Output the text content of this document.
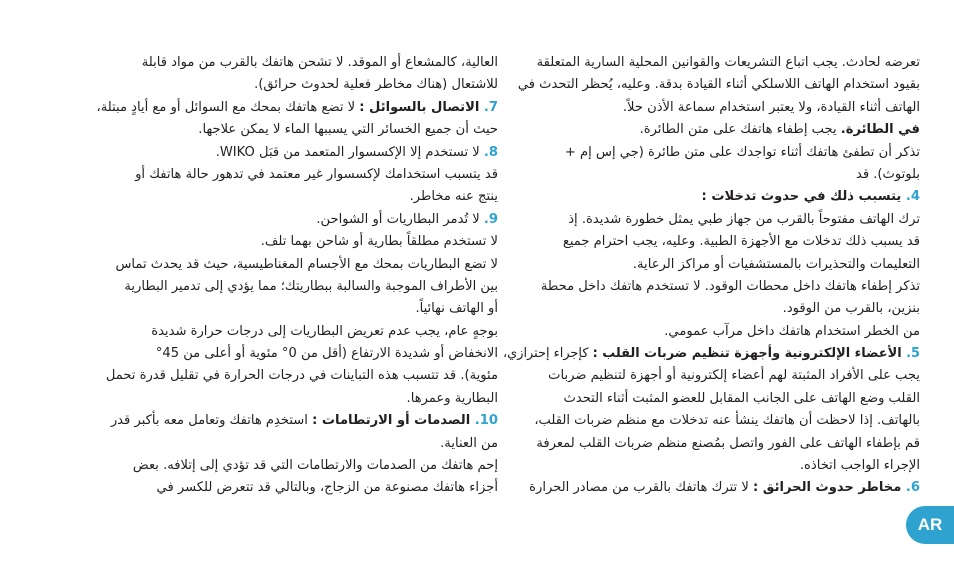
تعرضه لحادث. يجب اتباع التشريعات والقوانين المحلية السارية المتعلقة
بقيود استخدام الهاتف اللاسلكي أثناء القيادة بدقة. وعليه، يُحظر التحدث في
الهاتف أثناء القيادة، ولا يعتبر استخدام سماعة الأذن حلاً.
في الطائرة. يجب إطفاء هاتفك على متن الطائرة.
تذكر أن تطفئ هاتفك أثناء تواجدك على متن طائرة (جي إس إم +
بلوتوث). قد
4. يتسبب ذلك في حدوث تدخلات :
ترك الهاتف مفتوحاً بالقرب من جهاز طبي يمثل خطورة شديدة. إذ
قد يسبب ذلك تدخلات مع الأجهزة الطبية. وعليه، يجب احترام جميع
التعليمات والتحذيرات بالمستشفيات أو مراكز الرعاية.
تذكر إطفاء هاتفك داخل محطات الوقود. لا تستخدم هاتفك داخل محطة
بنزين، بالقرب من الوقود.
من الخطر استخدام هاتفك داخل مرآب عمومي.
5. الأعضاء الإلكترونية وأجهزة تنظيم ضربات القلب : كإجراء إحترازي،
يجب على الأفراد المثبتة لهم أعضاء إلكترونية أو أجهزة لتنظيم ضربات
القلب وضع الهاتف على الجانب المقابل للعضو المثبت أثناء التحدث
بالهاتف. إذا لاحظت أن هاتفك ينشأ عنه تدخلات مع منظم ضربات القلب،
قم بإطفاء الهاتف على الفور واتصل بمُصنع منظم ضربات القلب لمعرفة
الإجراء الواجب اتخاذه.
6. مخاطر حدوث الحرائق : لا تترك هاتفك بالقرب من مصادر الحرارة
العالية، كالمشعاع أو الموقد. لا تشحن هاتفك بالقرب من مواد قابلة
للاشتعال (هناك مخاطر فعلية لحدوث حرائق).
7. الاتصال بالسوائل : لا تضع هاتفك بمحك مع السوائل أو مع أيادٍ مبتلة،
حيث أن جميع الخسائر التي يسببها الماء لا يمكن علاجها.
8. لا تستخدم إلا الإكسسوار المتعمد من قبَل WIKO.
قد يتسبب استخدامك لإكسسوار غير معتمد في تدهور حالة هاتفك أو
ينتج عنه مخاطر.
9. لا تُدمر البطاريات أو الشواحن.
لا تستخدم مطلقاً بطارية أو شاحن بهما تلف.
لا تضع البطاريات بمحك مع الأجسام المغناطيسية، حيث قد يحدث تماس
بين الأطراف الموجبة والسالبة ببطاريتك؛ مما يؤدي إلى تدمير البطارية
أو الهاتف نهائياً.
بوجهٍ عام، يجب عدم تعريض البطاريات إلى درجات حرارة شديدة
الانخفاض أو شديدة الارتفاع (أقل من 0° مئوية أو أعلى من 45°
مئوية). قد تتسبب هذه التباينات في درجات الحرارة في تقليل قدرة تحمل
البطارية وعمرها.
10. الصدمات أو الارتطامات : استخدِم هاتفك وتعامل معه بأكبر قدر
من العناية.
إحم هاتفك من الصدمات والارتطامات التي قد تؤدي إلى إتلافه. بعض
أجزاء هاتفك مصنوعة من الزجاج، وبالتالي قد تتعرض للكسر في
AR
